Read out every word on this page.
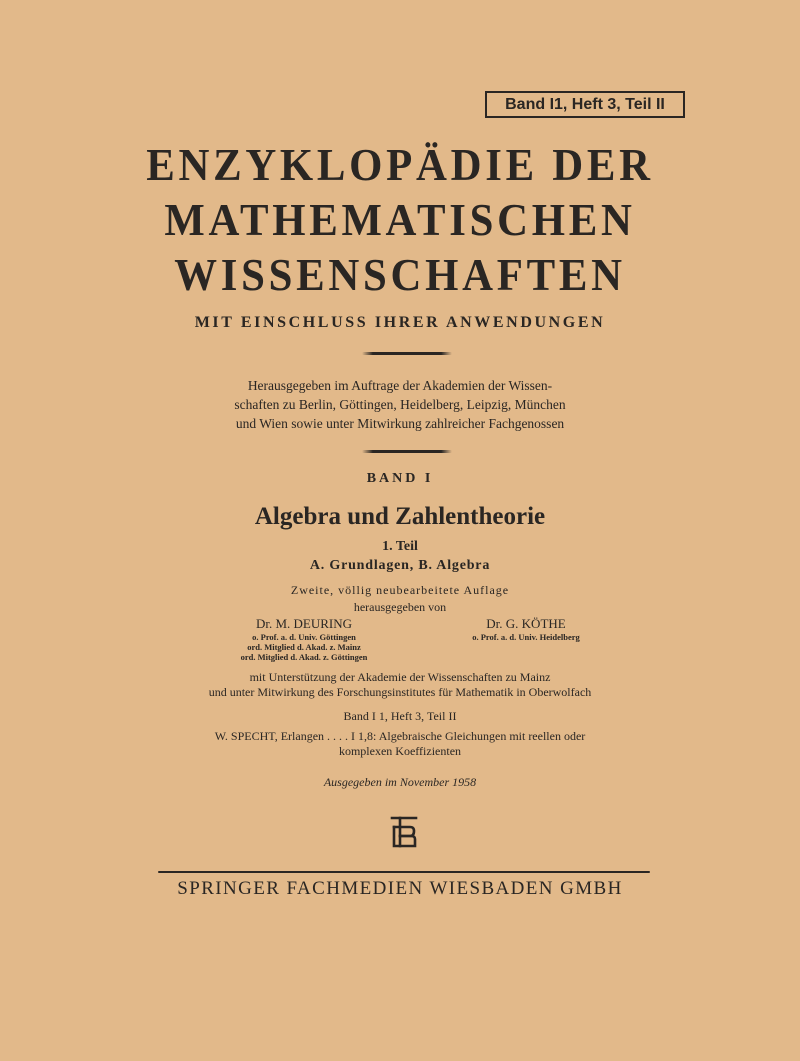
Band I1, Heft 3, Teil II
ENZYKLOPÄDIE DER
MATHEMATISCHEN
WISSENSCHAFTEN
MIT EINSCHLUSS IHRER ANWENDUNGEN
Herausgegeben im Auftrage der Akademien der Wissen-
schaften zu Berlin, Göttingen, Heidelberg, Leipzig, München
und Wien sowie unter Mitwirkung zahlreicher Fachgenossen
BAND I
Algebra und Zahlentheorie
1. Teil
A. Grundlagen, B. Algebra
Zweite, völlig neubearbeitete Auflage
herausgegeben von
Dr. M. DEURING
o. Prof. a. d. Univ. Göttingen
ord. Mitglied d. Akad. z. Mainz
ord. Mitglied d. Akad. z. Göttingen
Dr. G. KÖTHE
o. Prof. a. d. Univ. Heidelberg
mit Unterstützung der Akademie der Wissenschaften zu Mainz
und unter Mitwirkung des Forschungsinstitutes für Mathematik in Oberwolfach
Band I 1, Heft 3, Teil II
W. SPECHT, Erlangen . . . . I 1,8: Algebraische Gleichungen mit reellen oder
komplexen Koeffizienten
Ausgegeben im November 1958
SPRINGER FACHMEDIEN WIESBADEN GMBH
